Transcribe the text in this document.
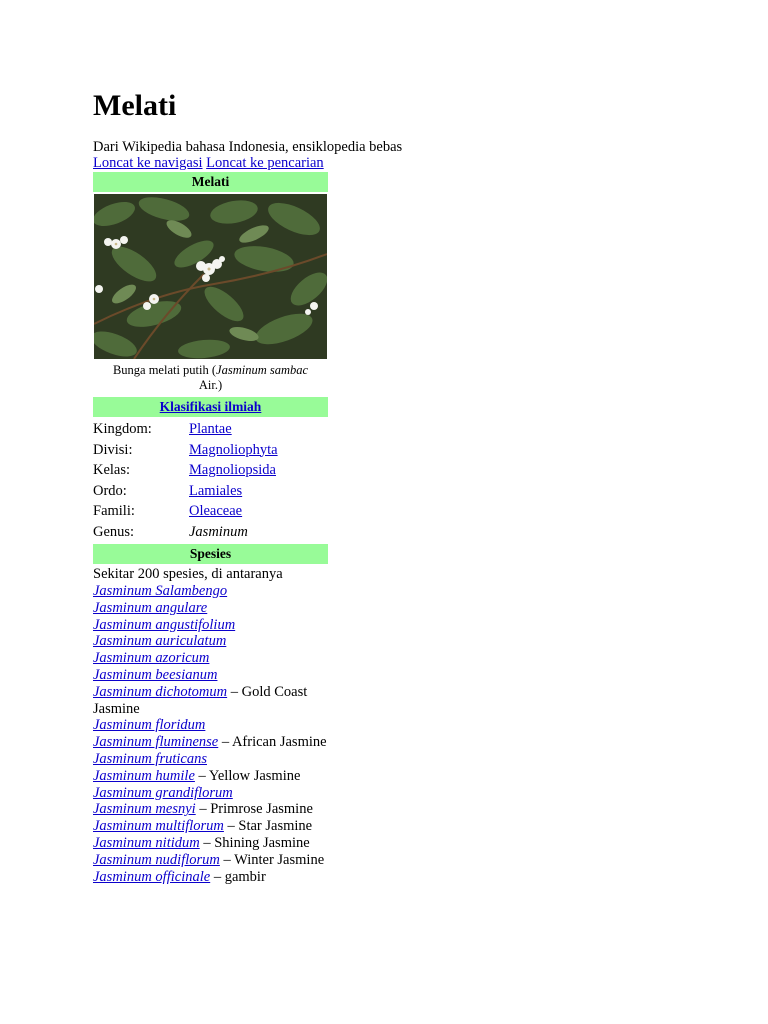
Melati
Dari Wikipedia bahasa Indonesia, ensiklopedia bebas
Loncat ke navigasi Loncat ke pencarian
Melati
Bunga melati putih (Jasminum sambac Air.)
Klasifikasi ilmiah
Kingdom:	Plantae
Divisi:	Magnoliophyta
Kelas:	Magnoliopsida
Ordo:	Lamiales
Famili:	Oleaceae
Genus:	Jasminum
Spesies
Sekitar 200 spesies, di antaranya
Jasminum Salambengo
Jasminum angulare
Jasminum angustifolium
Jasminum auriculatum
Jasminum azoricum
Jasminum beesianum
Jasminum dichotomum – Gold Coast Jasmine
Jasminum floridum
Jasminum fluminense – African Jasmine
Jasminum fruticans
Jasminum humile – Yellow Jasmine
Jasminum grandiflorum
Jasminum mesnyi – Primrose Jasmine
Jasminum multiflorum – Star Jasmine
Jasminum nitidum – Shining Jasmine
Jasminum nudiflorum – Winter Jasmine
Jasminum officinale – gambir
